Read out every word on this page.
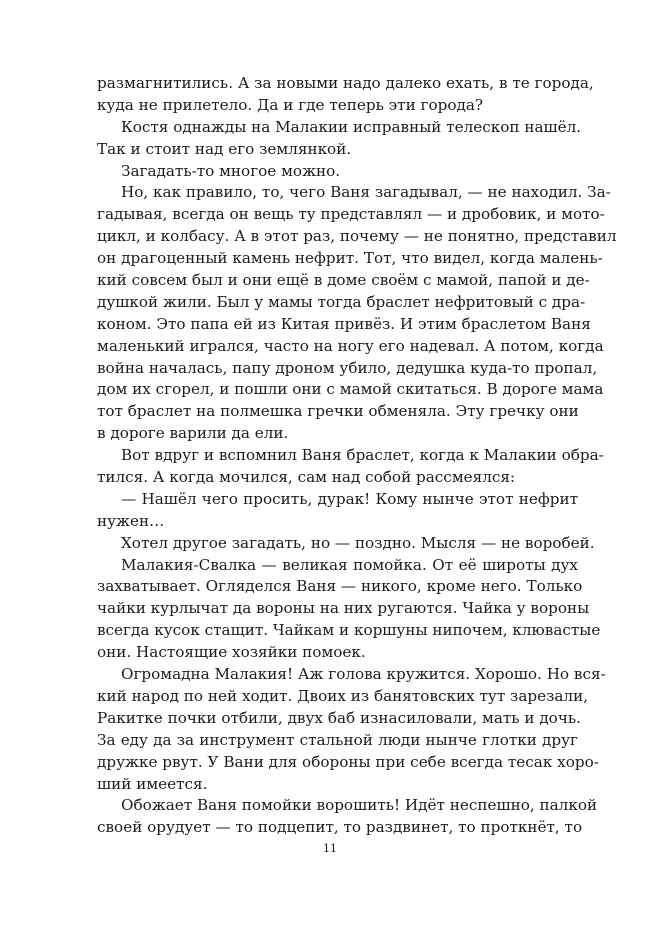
размагнитились. А за новыми надо далеко ехать, в те города,
куда не прилетело. Да и где теперь эти города?
Костя однажды на Малакии исправный телескоп нашёл.
Так и стоит над его землянкой.
Загадать-то многое можно.
Но, как правило, то, чего Ваня загадывал, — не находил. За-
гадывая, всегда он вещь ту представлял — и дробовик, и мото-
цикл, и колбасу. А в этот раз, почему — не понятно, представил
он драгоценный камень нефрит. Тот, что видел, когда малень-
кий совсем был и они ещё в доме своём с мамой, папой и де-
душкой жили. Был у мамы тогда браслет нефритовый с дра-
коном. Это папа ей из Китая привёз. И этим браслетом Ваня
маленький игрался, часто на ногу его надевал. А потом, когда
война началась, папу дроном убило, дедушка куда-то пропал,
дом их сгорел, и пошли они с мамой скитаться. В дороге мама
тот браслет на полмешка гречки обменяла. Эту гречку они
в дороге варили да ели.
Вот вдруг и вспомнил Ваня браслет, когда к Малакии обра-
тился. А когда мочился, сам над собой рассмеялся:
— Нашёл чего просить, дурак! Кому нынче этот нефрит
нужен…
Хотел другое загадать, но — поздно. Мысля — не воробей.
Малакия-Свалка — великая помойка. От её широты дух
захватывает. Огляделся Ваня — никого, кроме него. Только
чайки курлычат да вороны на них ругаются. Чайка у вороны
всегда кусок стащит. Чайкам и коршуны нипочем, клювастые
они. Настоящие хозяйки помоек.
Огромадна Малакия! Аж голова кружится. Хорошо. Но вся-
кий народ по ней ходит. Двоих из банятовских тут зарезали,
Ракитке почки отбили, двух баб изнасиловали, мать и дочь.
За еду да за инструмент стальной люди нынче глотки друг
дружке рвут. У Вани для обороны при себе всегда тесак хоро-
ший имеется.
Обожает Ваня помойки ворошить! Идёт неспешно, палкой
своей орудует — то подцепит, то раздвинет, то проткнёт, то
11
